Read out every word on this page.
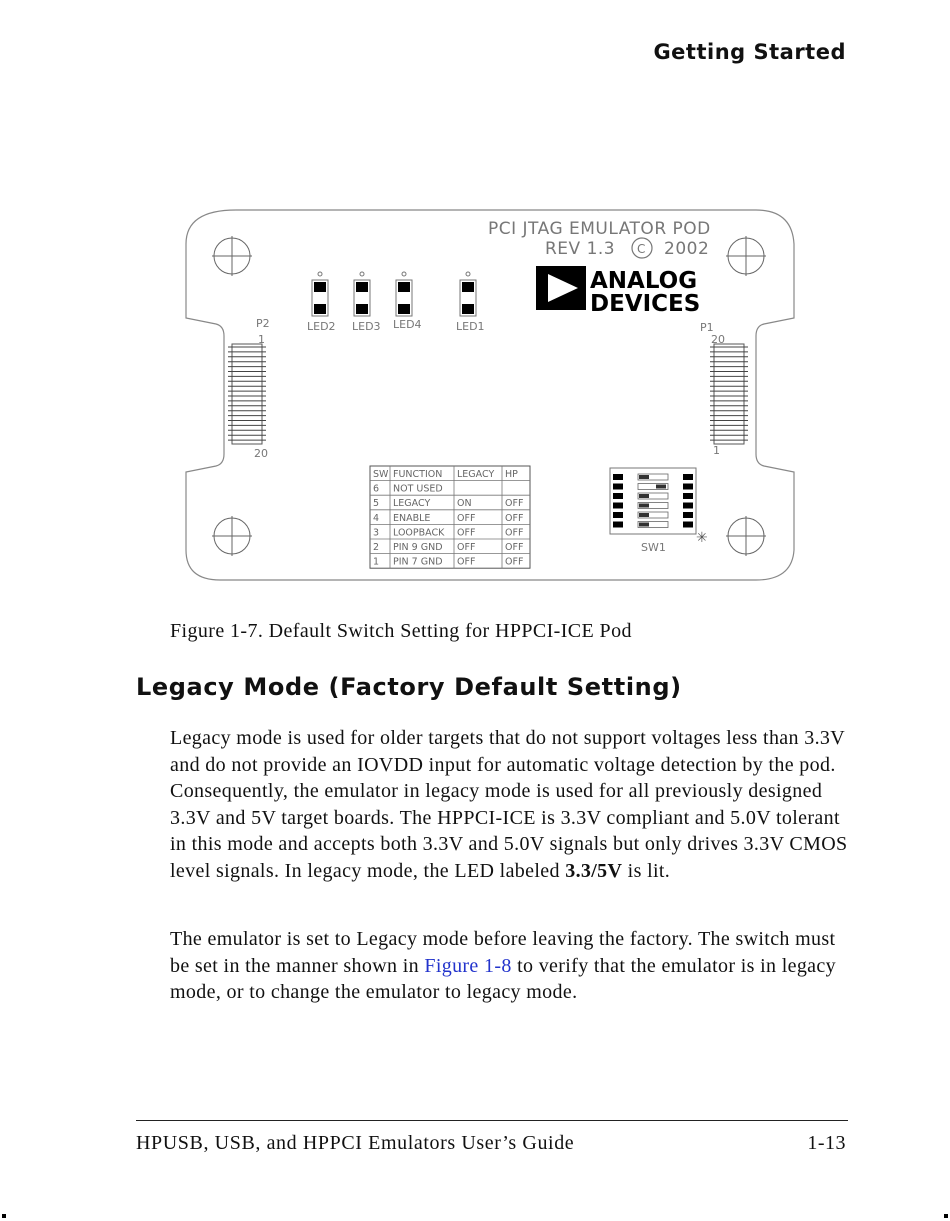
Getting Started
PCI JTAG EMULATOR POD
REV 1.3 C 2002
ANALOG
DEVICES
LED2 LED3 LED4	LED1
P2
1
20
P1
20
1
SW FUNCTION LEGACY HP
6 NOT USED
5 LEGACY	ON	OFF
4 ENABLE	OFF	OFF
3 LOOPBACK OFF	OFF
2 PIN 9 GND OFF	OFF
1 PIN 7 GND OFF	OFF
SW1
✳
Figure 1-7. Default Switch Setting for HPPCI-ICE Pod
Legacy Mode (Factory Default Setting)

Legacy mode is used for older targets that do not support voltages less than 3.3V and do not provide an IOVDD input for automatic voltage detection by the pod. Consequently, the emulator in legacy mode is used for all previously designed 3.3V and 5V target boards. The HPPCI-ICE is 3.3V compliant and 5.0V tolerant in this mode and accepts both 3.3V and 5.0V signals but only drives 3.3V CMOS level signals. In legacy mode, the LED labeled 3.3/5V is lit.

The emulator is set to Legacy mode before leaving the factory. The switch must be set in the manner shown in Figure 1-8 to verify that the emulator is in legacy mode, or to change the emulator to legacy mode.

HPUSB, USB, and HPPCI Emulators User’s Guide	1-13
